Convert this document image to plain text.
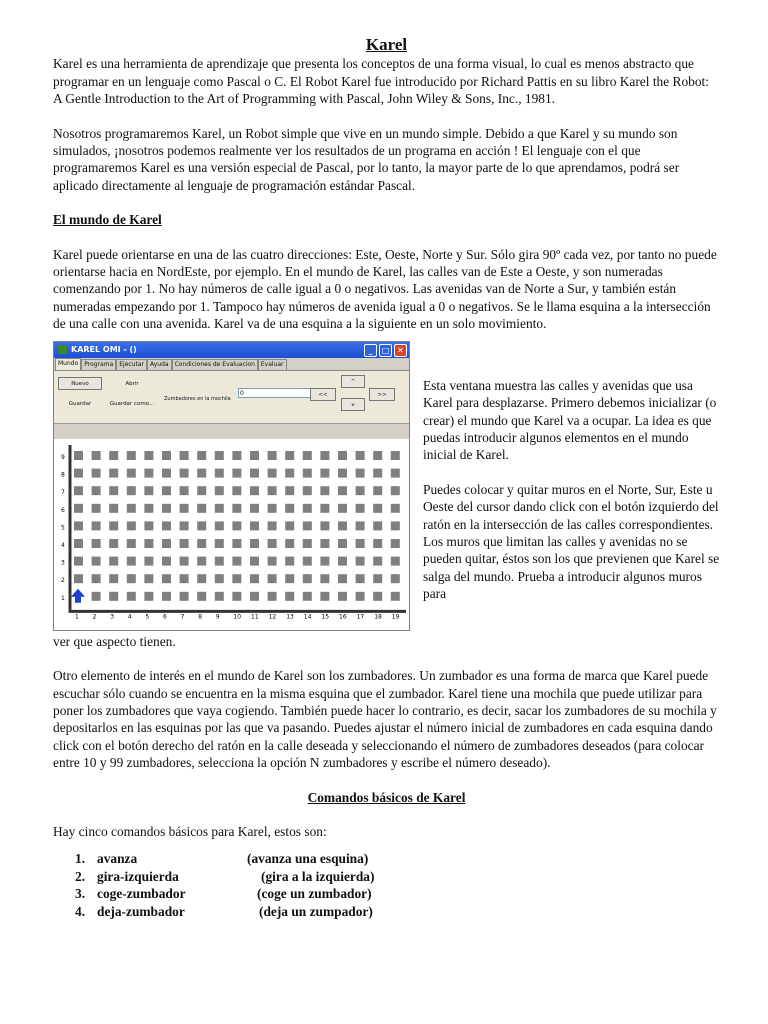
Karel

Karel es una herramienta de aprendizaje que presenta los conceptos de una forma visual, lo cual es menos abstracto que programar en un lenguaje como Pascal o C. El Robot Karel fue introducido por Richard Pattis en su libro Karel the Robot: A Gentle Introduction to the Art of Programming with Pascal, John Wiley & Sons, Inc., 1981.

Nosotros programaremos Karel, un Robot simple que vive en un mundo simple. Debido a que Karel y su mundo son simulados, ¡nosotros podemos realmente ver los resultados de un programa en acción ! El lenguaje con el que programaremos Karel es una versión especial de Pascal, por lo tanto, la mayor parte de lo que aprendamos, podrá ser aplicado directamente al lenguaje de programación estándar Pascal.

El mundo de Karel

Karel puede orientarse en una de las cuatro direcciones: Este, Oeste, Norte y Sur. Sólo gira 90º cada vez, por tanto no puede orientarse hacia en NordEste, por ejemplo. En el mundo de Karel, las calles van de Este a Oeste, y son numeradas comenzando por 1. No hay números de calle igual a 0 o negativos. Las avenidas van de Norte a Sur, y también están numeradas empezando por 1. Tampoco hay números de avenida igual a 0 o negativos. Se le llama esquina a la intersección de una calle con una avenida. Karel va de una esquina a la siguiente en un solo movimiento.

KAREL OMI - ()	_	□ ✕
Mundo	Programa	Ejecutar	Ayuda	Condiciones de Evaluacion	Evaluar
Nuevo	Abrir
Guardar	Guardar como...
Zumbadores en la mochila
0	<<
^
v
>>
9
8
7
6
5
4
3
2
1
1 2 3 4 5 6 7 8 9 10 11 12 13 14 15 16 17 18 19

Esta ventana muestra las calles y avenidas que usa Karel para desplazarse. Primero debemos inicializar (o crear) el mundo que Karel va a ocupar. La idea es que puedas introducir algunos elementos en el mundo inicial de Karel.

Puedes colocar y quitar muros en el Norte, Sur, Este u Oeste del cursor dando click con el botón izquierdo del ratón en la intersección de las calles correspondientes. Los muros que limitan las calles y avenidas no se pueden quitar, éstos son los que previenen que Karel se salga del mundo. Prueba a introducir algunos muros para

ver que aspecto tienen.

Otro elemento de interés en el mundo de Karel son los zumbadores. Un zumbador es una forma de marca que Karel puede escuchar sólo cuando se encuentra en la misma esquina que el zumbador. Karel tiene una mochila que puede utilizar para poner los zumbadores que vaya cogiendo. También puede hacer lo contrario, es decir, sacar los zumbadores de su mochila y depositarlos en las esquinas por las que va pasando. Puedes ajustar el número inicial de zumbadores en cada esquina dando click con el botón derecho del ratón en la calle deseada y seleccionando el número de zumbadores deseados (para colocar entre 10 y 99 zumbadores, selecciona la opción N zumbadores y escribe el número deseado).

Comandos básicos de Karel

Hay cinco comandos básicos para Karel, estos son:

1. avanza	(avanza una esquina)
2. gira-izquierda	(gira a la izquierda)
3. coge-zumbador	(coge un zumbador)
4. deja-zumbador	(deja un zumpador)
